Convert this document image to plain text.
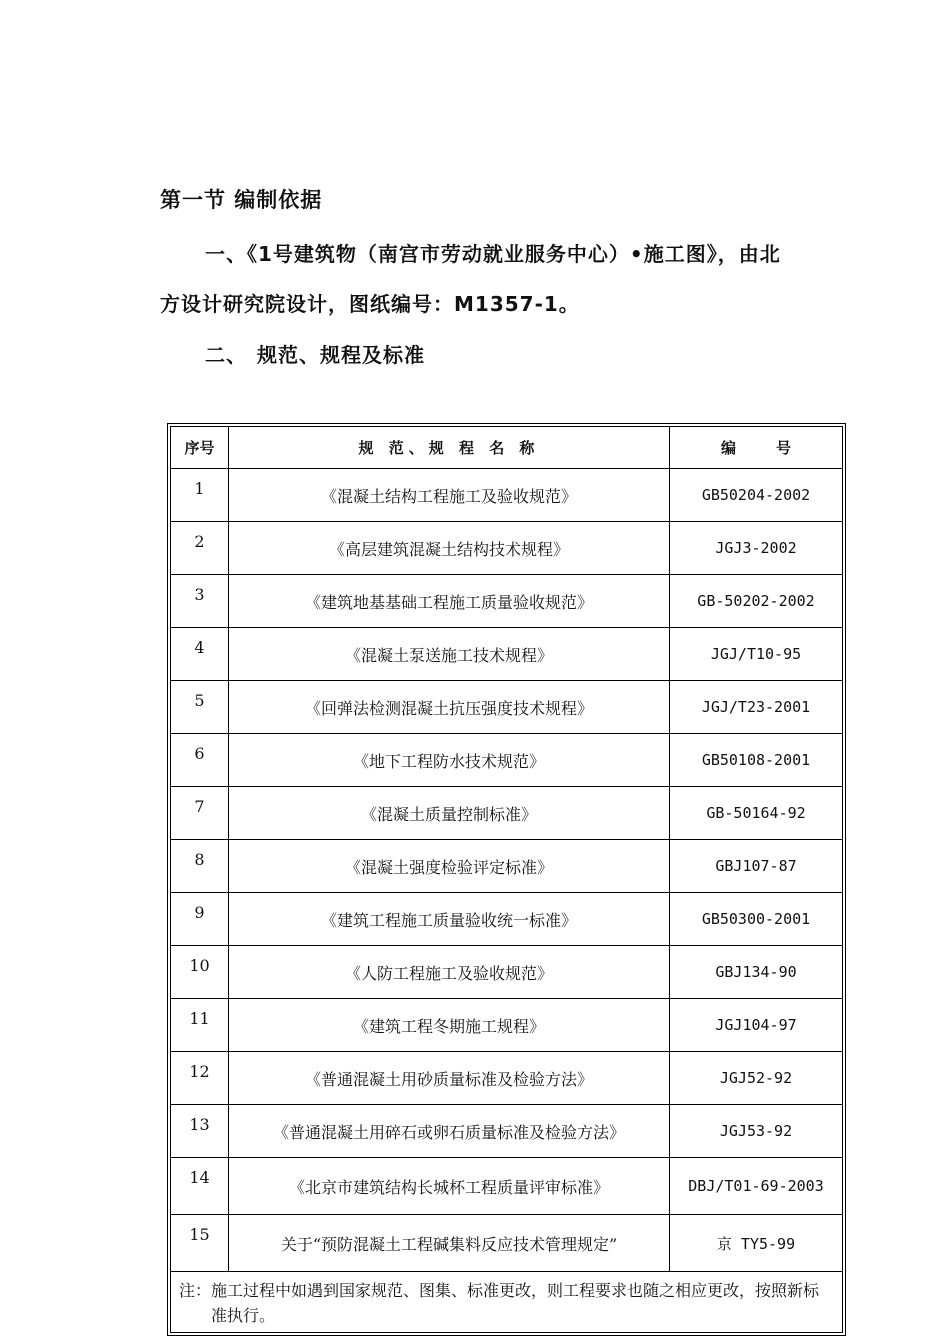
第一节 编制依据
一、《1号建筑物（南宫市劳动就业服务中心）•施工图》，由北
方设计研究院设计，图纸编号：M1357-1。
二、 规范、规程及标准
序号	规 范、规 程 名 称	编 号
1	《混凝土结构工程施工及验收规范》	GB50204-2002
2	《高层建筑混凝土结构技术规程》	JGJ3-2002
3	《建筑地基基础工程施工质量验收规范》	GB-50202-2002
4	《混凝土泵送施工技术规程》	JGJ/T10-95
5	《回弹法检测混凝土抗压强度技术规程》	JGJ/T23-2001
6	《地下工程防水技术规范》	GB50108-2001
7	《混凝土质量控制标准》	GB-50164-92
8	《混凝土强度检验评定标准》	GBJ107-87
9	《建筑工程施工质量验收统一标准》	GB50300-2001
10	《人防工程施工及验收规范》	GBJ134-90
11	《建筑工程冬期施工规程》	JGJ104-97
12	《普通混凝土用砂质量标准及检验方法》	JGJ52-92
13	《普通混凝土用碎石或卵石质量标准及检验方法》	JGJ53-92
14	《北京市建筑结构长城杯工程质量评审标准》	DBJ/T01-69-2003
15	关于“预防混凝土工程碱集料反应技术管理规定”	京 TY5-99

注： 施工过程中如遇到国家规范、图集、标准更改，则工程要求也随之相应更改，按照新标准执行。		
